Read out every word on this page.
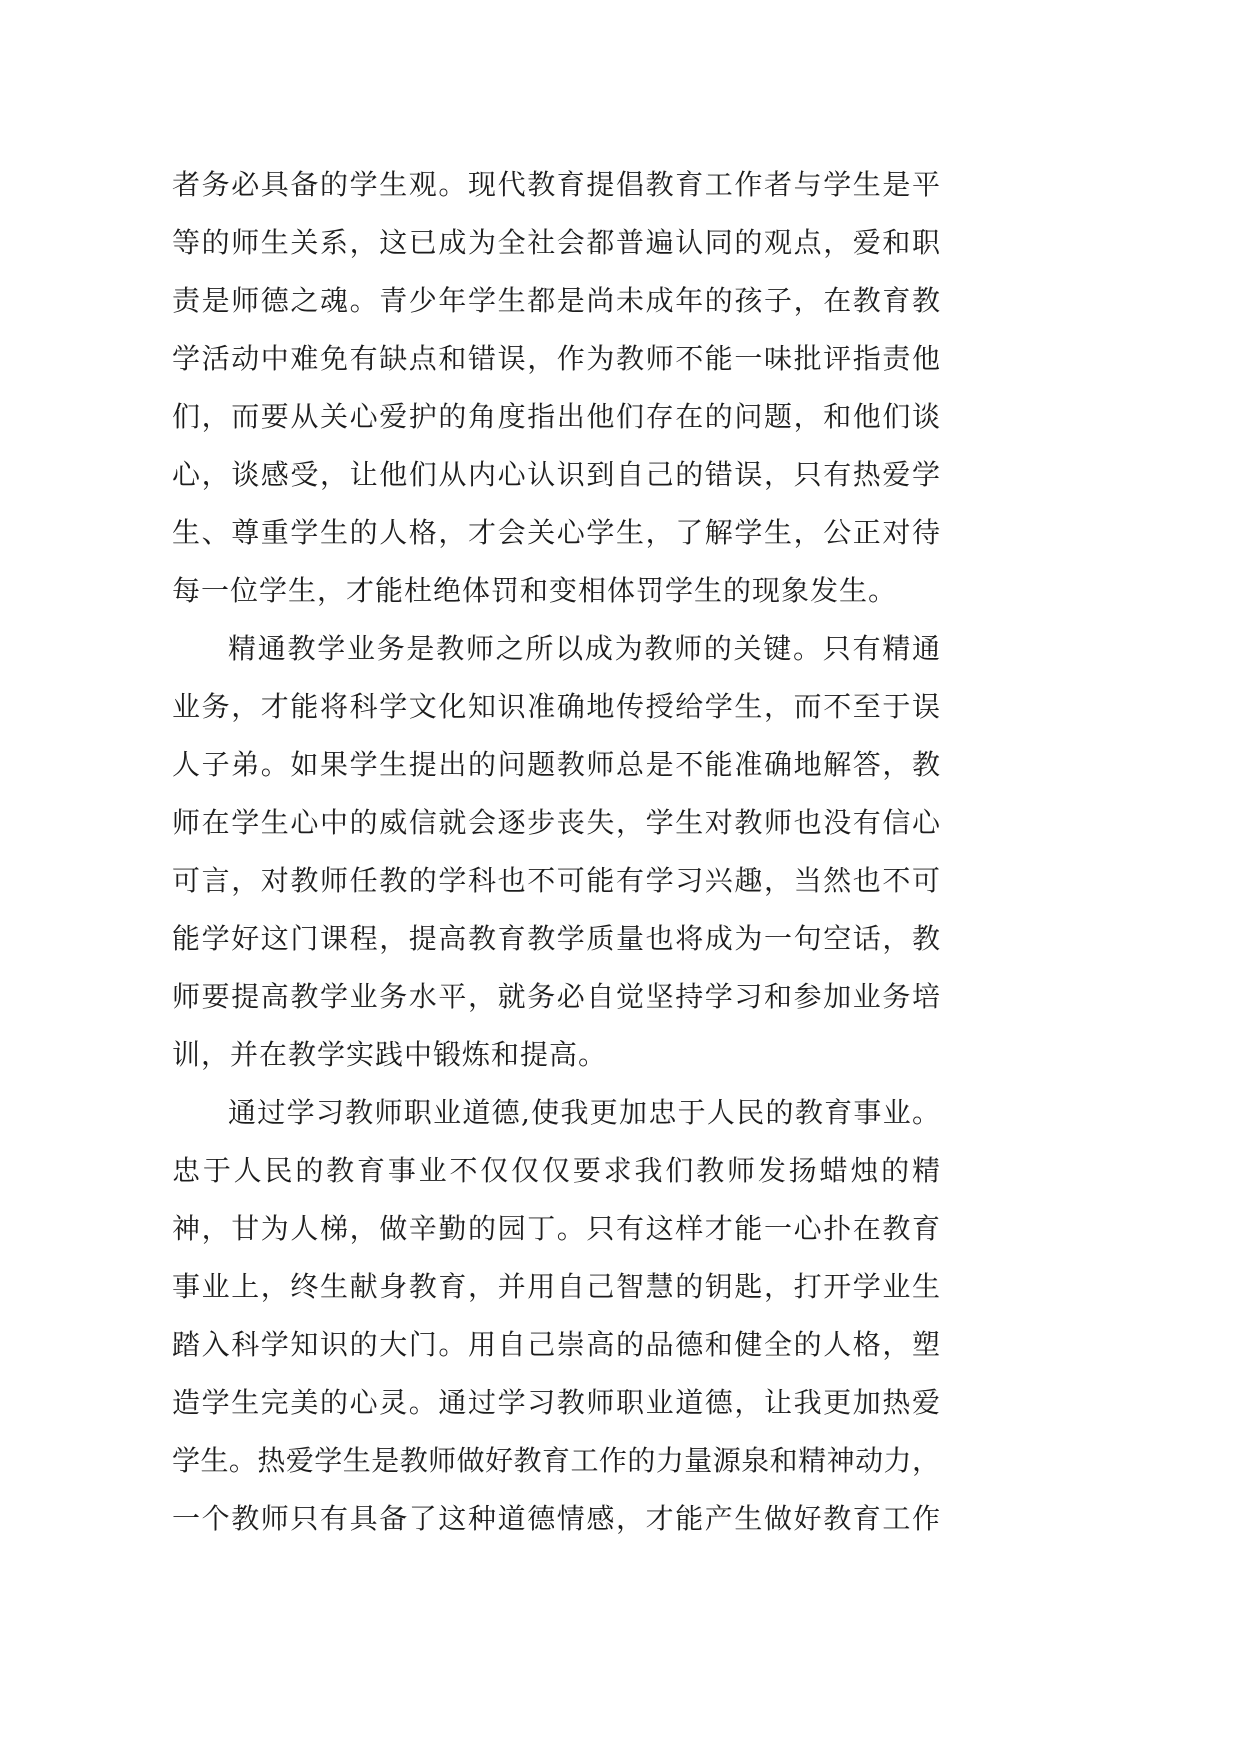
者务必具备的学生观。现代教育提倡教育工作者与学生是平
等的师生关系，这已成为全社会都普遍认同的观点，爱和职
责是师德之魂。青少年学生都是尚未成年的孩子，在教育教
学活动中难免有缺点和错误，作为教师不能一味批评指责他
们，而要从关心爱护的角度指出他们存在的问题，和他们谈
心，谈感受，让他们从内心认识到自己的错误，只有热爱学
生、尊重学生的人格，才会关心学生，了解学生，公正对待
每一位学生，才能杜绝体罚和变相体罚学生的现象发生。
精通教学业务是教师之所以成为教师的关键。只有精通
业务，才能将科学文化知识准确地传授给学生，而不至于误
人子弟。如果学生提出的问题教师总是不能准确地解答，教
师在学生心中的威信就会逐步丧失，学生对教师也没有信心
可言，对教师任教的学科也不可能有学习兴趣，当然也不可
能学好这门课程，提高教育教学质量也将成为一句空话，教
师要提高教学业务水平，就务必自觉坚持学习和参加业务培
训，并在教学实践中锻炼和提高。
通过学习教师职业道德,使我更加忠于人民的教育事业。
忠于人民的教育事业不仅仅仅要求我们教师发扬蜡烛的精
神，甘为人梯，做辛勤的园丁。只有这样才能一心扑在教育
事业上，终生献身教育，并用自己智慧的钥匙，打开学业生
踏入科学知识的大门。用自己崇高的品德和健全的人格，塑
造学生完美的心灵。通过学习教师职业道德，让我更加热爱
学生。热爱学生是教师做好教育工作的力量源泉和精神动力，
一个教师只有具备了这种道德情感，才能产生做好教育工作
